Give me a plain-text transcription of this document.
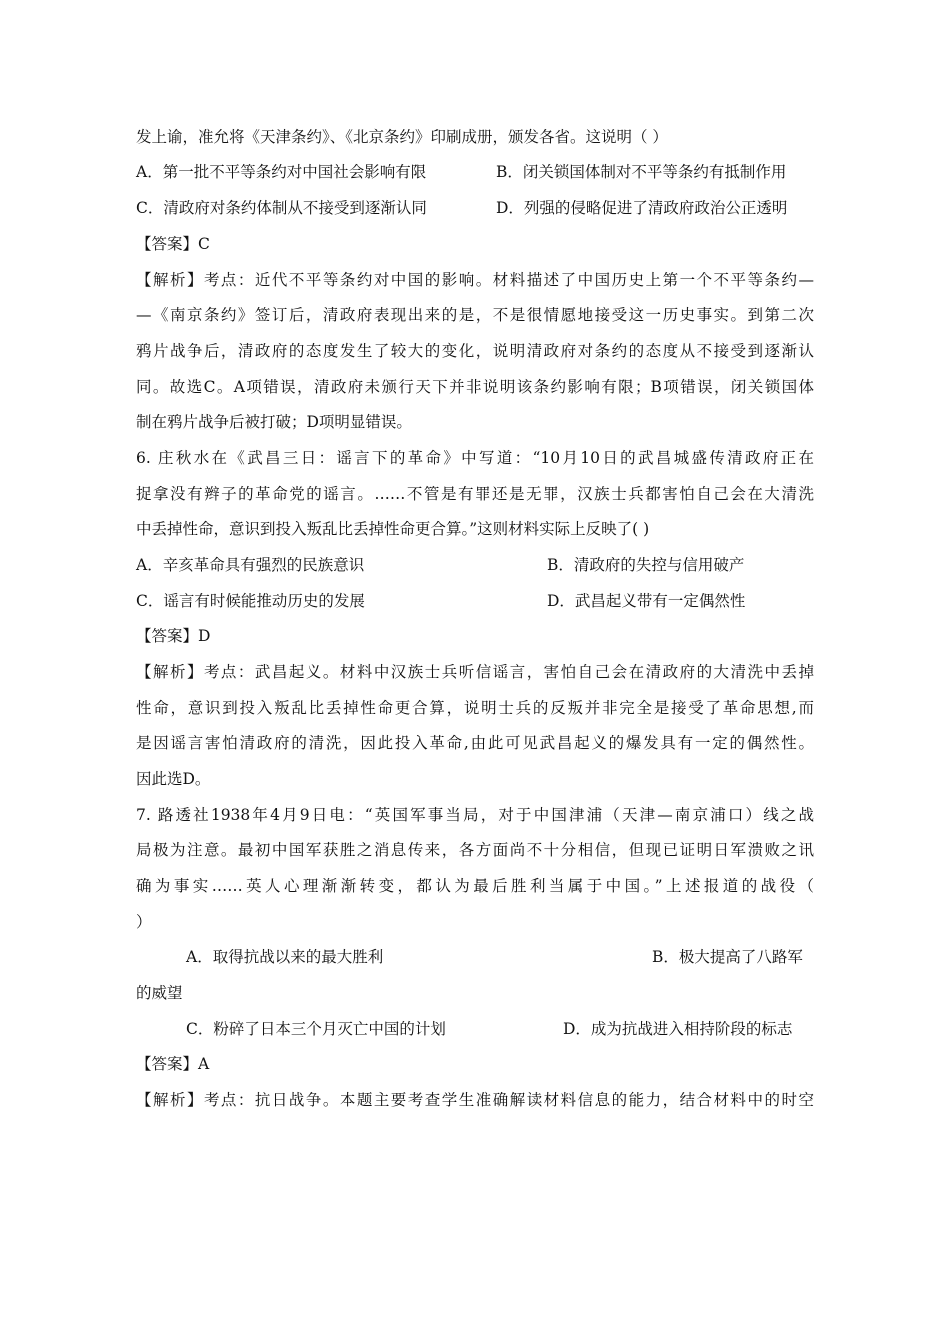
发上谕，准允将《天津条约》、《北京条约》印刷成册，颁发各省。这说明（ ）
A．第一批不平等条约对中国社会影响有限	B．闭关锁国体制对不平等条约有抵制作用
C．清政府对条约体制从不接受到逐渐认同	D．列强的侵略促进了清政府政治公正透明
【答案】C
【解析】考点：近代不平等条约对中国的影响。材料描述了中国历史上第一个不平等条约—
—《南京条约》签订后，清政府表现出来的是，不是很情愿地接受这一历史事实。到第二次
鸦片战争后，清政府的态度发生了较大的变化，说明清政府对条约的态度从不接受到逐渐认
同。故选C。A项错误，清政府未颁行天下并非说明该条约影响有限；B项错误，闭关锁国体
制在鸦片战争后被打破；D项明显错误。
6. 庄秋水在《武昌三日：谣言下的革命》中写道：“10月10日的武昌城盛传清政府正在
捉拿没有辫子的革命党的谣言。……不管是有罪还是无罪，汉族士兵都害怕自己会在大清洗
中丢掉性命，意识到投入叛乱比丢掉性命更合算。”这则材料实际上反映了( )
A．辛亥革命具有强烈的民族意识	B．清政府的失控与信用破产
C．谣言有时候能推动历史的发展	D．武昌起义带有一定偶然性
【答案】D
【解析】考点：武昌起义。材料中汉族士兵听信谣言，害怕自己会在清政府的大清洗中丢掉
性命，意识到投入叛乱比丢掉性命更合算，说明士兵的反叛并非完全是接受了革命思想,而
是因谣言害怕清政府的清洗，因此投入革命,由此可见武昌起义的爆发具有一定的偶然性。
因此选D。
7. 路透社1938年4月9日电：“英国军事当局，对于中国津浦（天津—南京浦口）线之战
局极为注意。最初中国军获胜之消息传来，各方面尚不十分相信，但现已证明日军溃败之讯
确为事实……英人心理渐渐转变，都认为最后胜利当属于中国。”上述报道的战役（
）
A．取得抗战以来的最大胜利	B．极大提高了八路军
的威望
C．粉碎了日本三个月灭亡中国的计划	D．成为抗战进入相持阶段的标志
【答案】A
【解析】考点：抗日战争。本题主要考查学生准确解读材料信息的能力，结合材料中的时空
